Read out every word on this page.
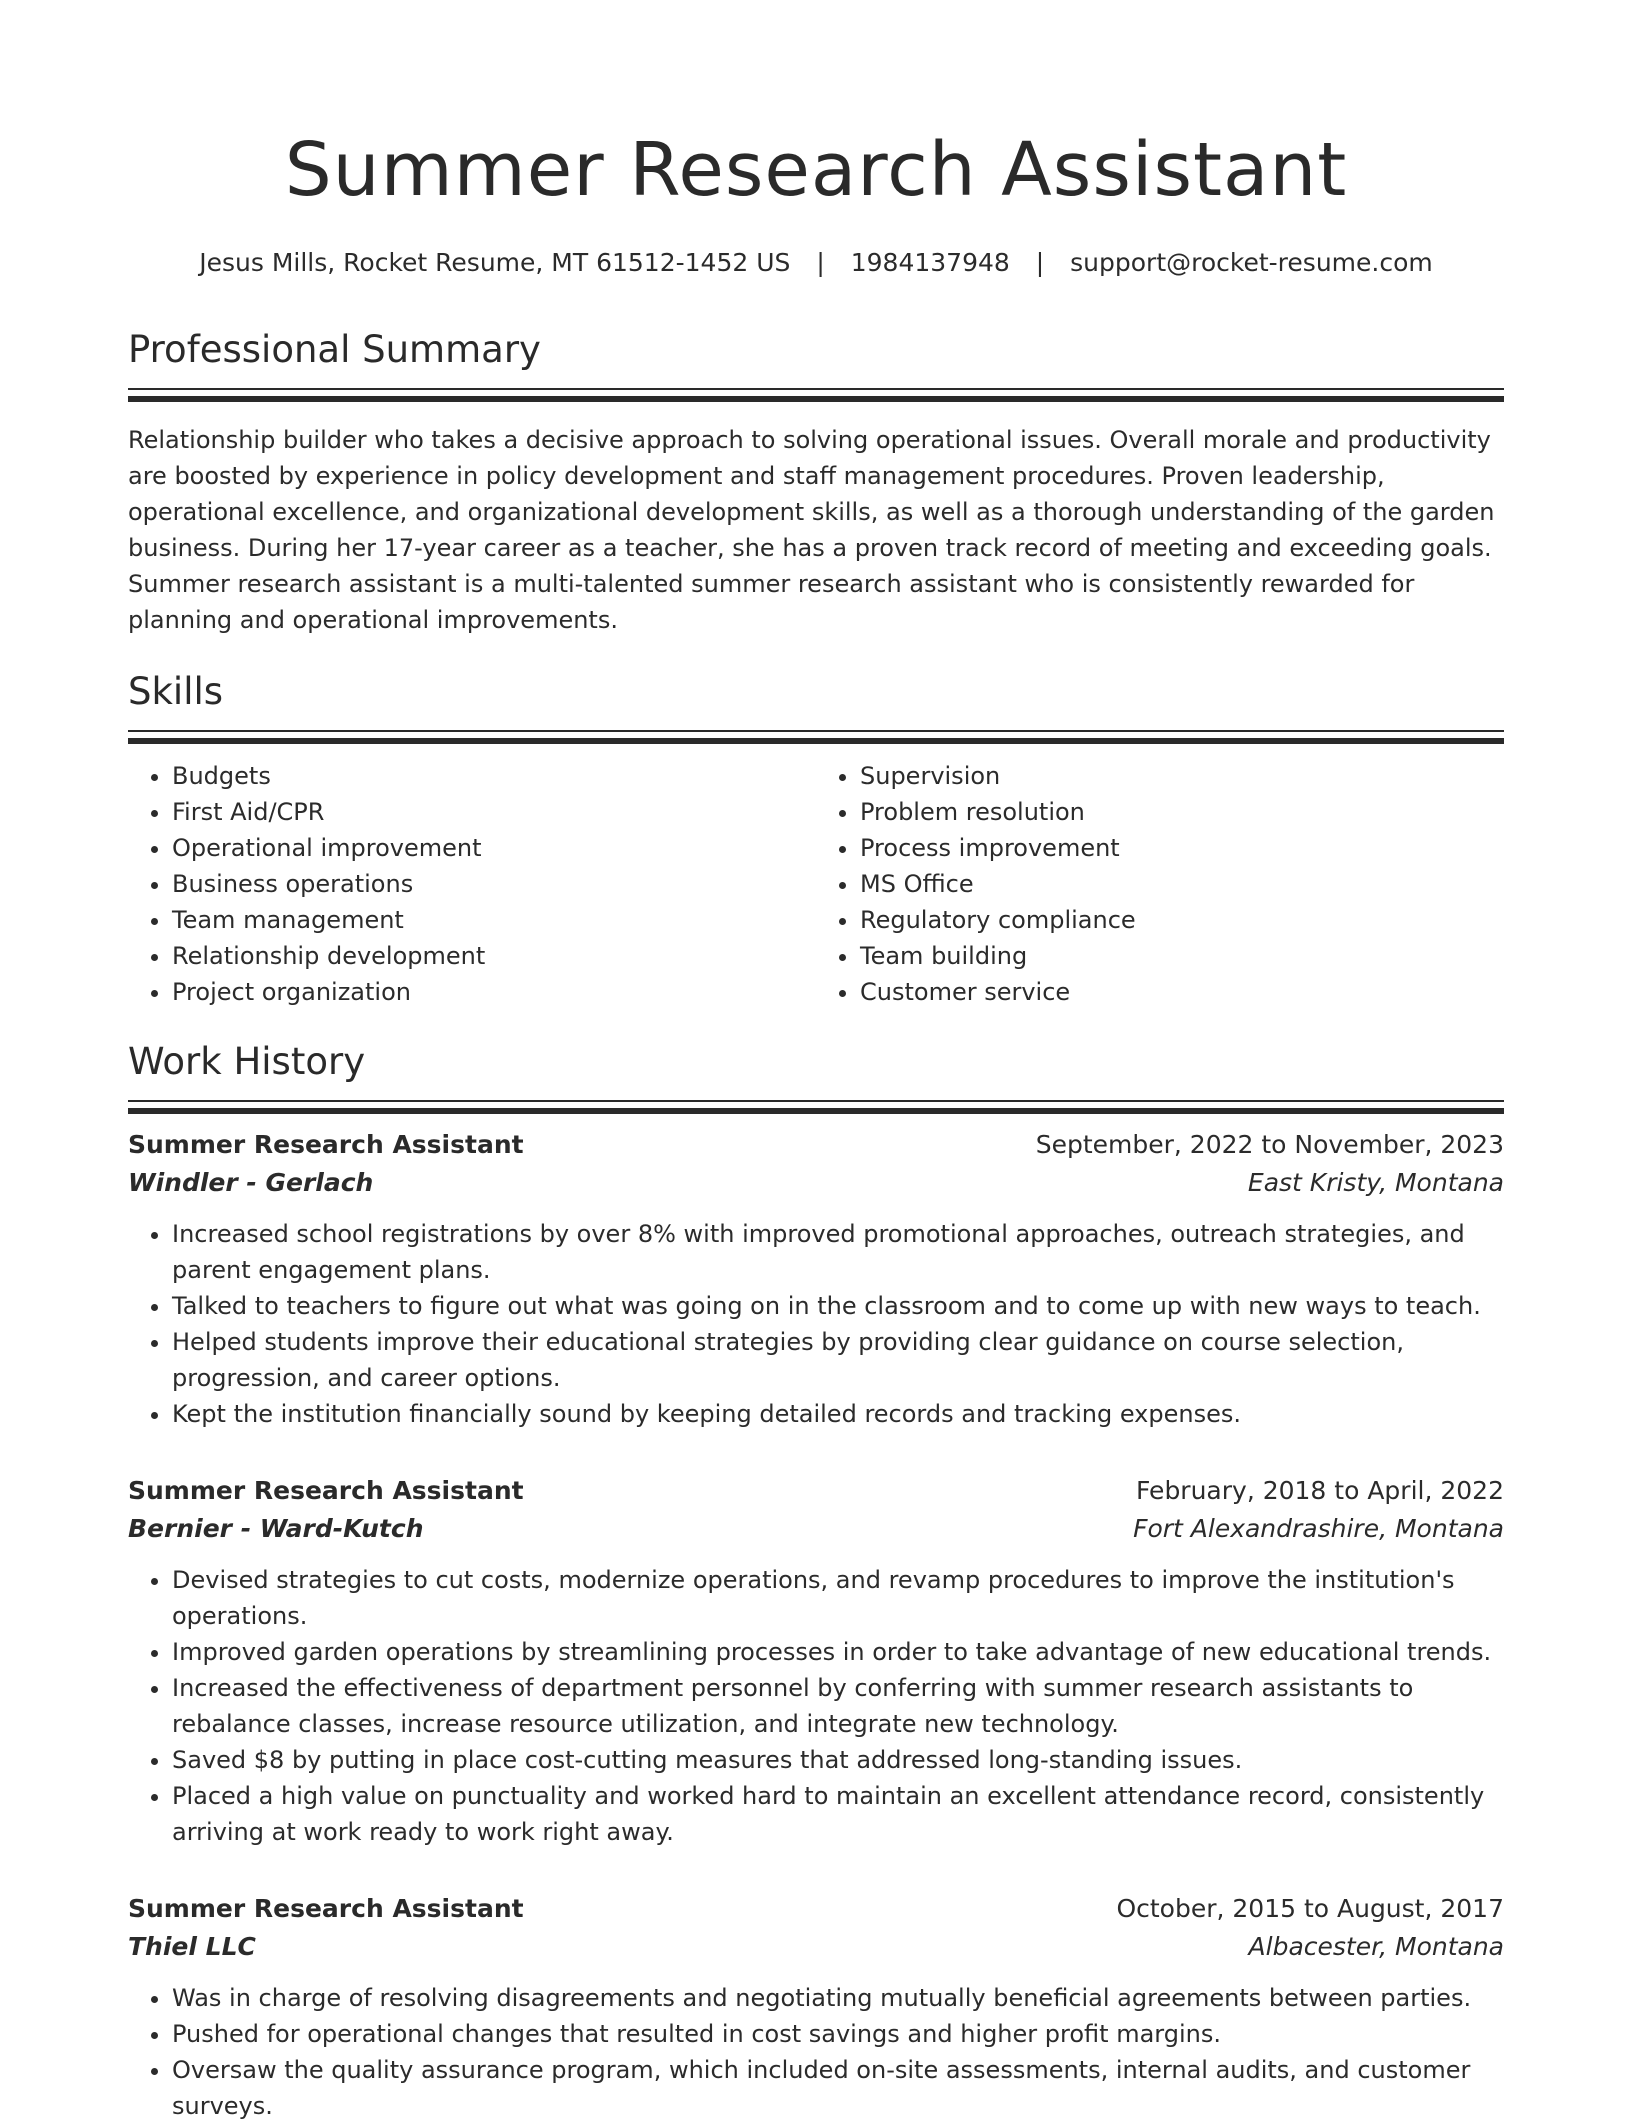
Summer Research Assistant
Jesus Mills, Rocket Resume, MT 61512-1452 US | 1984137948 | support@rocket-resume.com
Professional Summary

Relationship builder who takes a decisive approach to solving operational issues. Overall morale and productivity are boosted by experience in policy development and staff management procedures. Proven leadership, operational excellence, and organizational development skills, as well as a thorough understanding of the garden business. During her 17-year career as a teacher, she has a proven track record of meeting and exceeding goals. Summer research assistant is a multi-talented summer research assistant who is consistently rewarded for planning and operational improvements.

Skills
• Budgets
• First Aid/CPR
• Operational improvement
• Business operations
• Team management
• Relationship development
• Project organization
• Supervision
• Problem resolution
• Process improvement
• MS Office
• Regulatory compliance
• Team building
• Customer service
Work History
Summer Research Assistant	September, 2022 to November, 2023
Windler - Gerlach	East Kristy, Montana
• Increased school registrations by over 8% with improved promotional approaches, outreach strategies, and parent engagement plans.
• Talked to teachers to figure out what was going on in the classroom and to come up with new ways to teach.
• Helped students improve their educational strategies by providing clear guidance on course selection, progression, and career options.
• Kept the institution financially sound by keeping detailed records and tracking expenses.
Summer Research Assistant	February, 2018 to April, 2022
Bernier - Ward-Kutch	Fort Alexandrashire, Montana
• Devised strategies to cut costs, modernize operations, and revamp procedures to improve the institution's operations.
• Improved garden operations by streamlining processes in order to take advantage of new educational trends.
• Increased the effectiveness of department personnel by conferring with summer research assistants to rebalance classes, increase resource utilization, and integrate new technology.
• Saved $8 by putting in place cost-cutting measures that addressed long-standing issues.
• Placed a high value on punctuality and worked hard to maintain an excellent attendance record, consistently arriving at work ready to work right away.
Summer Research Assistant	October, 2015 to August, 2017
Thiel LLC	Albacester, Montana
• Was in charge of resolving disagreements and negotiating mutually beneficial agreements between parties.
• Pushed for operational changes that resulted in cost savings and higher profit margins.
• Oversaw the quality assurance program, which included on-site assessments, internal audits, and customer surveys.
